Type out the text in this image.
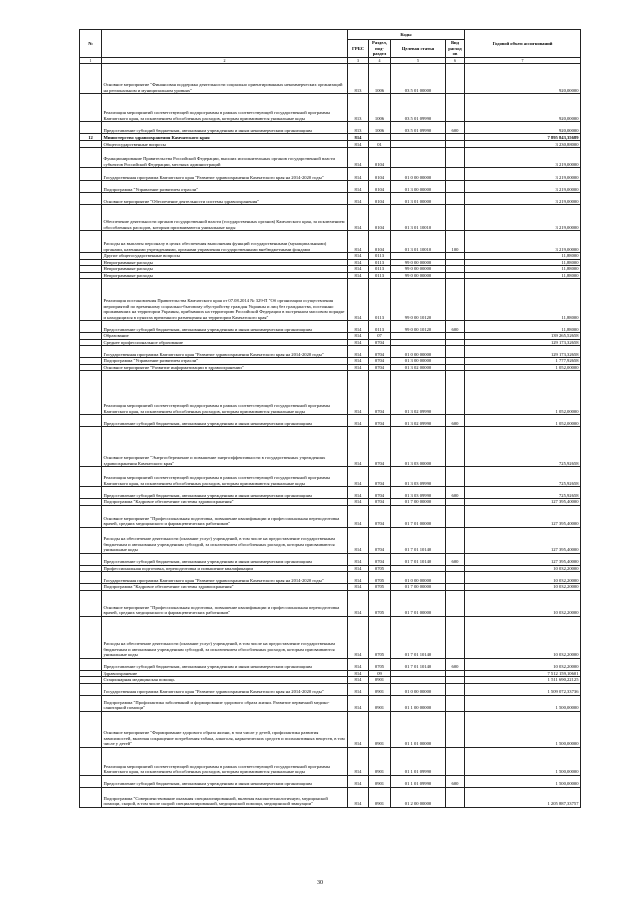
№		Коды				Годовой объем ассигнований
		ГРБС	Раздел, под-раздел	Целевая статья	Вид расходов	
1	2	3	4	5	6	7
	Основное мероприятие "Финансовая поддержка деятельности социально ориентированных некоммерческих организаций на региональном и муниципальном уровнях"	813	1006	03 5 01 00000		920,00000
	Реализация мероприятий соответствующей подпрограммы в рамках соответствующей государственной программы Камчатского края, за исключением обособленных расходов, которым присваиваются уникальные коды	813	1006	03 5 01 09990		920,00000
	Предоставление субсидий бюджетным, автономным учреждениям и иным некоммерческим организациям	813	1006	03 5 01 09990	600	920,00000
12	Министерство здравоохранения Камчатского края	814				7 895 843,35689
	Общегосударственные вопросы	814	01			3 230,88000
	Функционирование Правительства Российской Федерации, высших исполнительных органов государственной власти субъектов Российской Федерации, местных администраций	814	0104			3 219,00000
	Государственная программа Камчатского края "Развитие здравоохранения Камчатского края на 2014-2020 годы"	814	0104	01 0 00 00000		3 219,00000
	Подпрограмма "Управление развитием отрасли"	814	0104	01 3 00 00000		3 219,00000
	Основное мероприятие "Обеспечение деятельности системы здравоохранения"	814	0104	01 3 01 00000		3 219,00000
	Обеспечение деятельности органов государственной власти (государственных органов) Камчатского края, за исключением обособленных расходов, которым присваиваются уникальные коды	814	0104	01 3 01 10010		3 219,00000
	Расходы на выплаты персоналу в целях обеспечения выполнения функций государственными (муниципальными) органами, казенными учреждениями, органами управления государственными внебюджетными фондами	814	0104	01 3 01 10010	100	3 219,00000
	Другие общегосударственные вопросы	814	0113			11,88000
	Непрограммные расходы	814	0113	99 0 00 00000		11,88000
	Непрограммные расходы	814	0113	99 0 00 00000		11,88000
	Непрограммные расходы	814	0113	99 0 00 00000		11,88000
	Реализация постановления Правительства Камчатского края от 07.08.2014 № 329-П "Об организации осуществления мероприятий по временному социально-бытовому обустройству граждан Украины и лиц без гражданства, постоянно проживавших на территории Украины, прибывших на территорию Российской Федерации в экстренном массовом порядке и находящихся в пунктах временного размещения на территории Камчатского края"	814	0113	99 0 00 10120		11,88000
	Предоставление субсидий бюджетным, автономным учреждениям и иным некоммерческим организациям	814	0113	99 0 00 10120	600	11,88000
	Образование	814	07			139 265,52658
	Среднее профессиональное образование	814	0704			129 173,32658
	Государственная программа Камчатского края "Развитие здравоохранения Камчатского края на 2014-2020 годы"	814	0704	01 0 00 00000		129 173,32658
	Подпрограмма "Управление развитием отрасли"	814	0704	01 3 00 00000		1 777,92658
	Основное мероприятие "Развитие информатизации в здравоохранении"	814	0704	01 3 02 00000		1 052,00000
	Реализация мероприятий соответствующей подпрограммы в рамках соответствующей государственной программы Камчатского края, за исключением обособленных расходов, которым присваиваются уникальные коды	814	0704	01 3 02 09990		1 052,00000
	Предоставление субсидий бюджетным, автономным учреждениям и иным некоммерческим организациям	814	0704	01 3 02 09990	600	1 052,00000
	Основное мероприятие "Энергосбережение и повышение энергоэффективности в государственных учреждениях здравоохранения Камчатского края"	814	0704	01 3 03 00000		725,92658
	Реализация мероприятий соответствующей подпрограммы в рамках соответствующей государственной программы Камчатского края, за исключением обособленных расходов, которым присваиваются уникальные коды	814	0704	01 3 03 09990		725,92658
	Предоставление субсидий бюджетным, автономным учреждениям и иным некоммерческим организациям	814	0704	01 3 03 09990	600	725,92658
	Подпрограмма "Кадровое обеспечение системы здравоохранения"	814	0704	01 7 00 00000		127 395,40000
	Основное мероприятие "Профессиональная подготовка, повышение квалификации и профессиональная переподготовка врачей, средних медицинского и фармацевтических работников"	814	0704	01 7 01 00000		127 395,40000
	Расходы на обеспечение деятельности (оказание услуг) учреждений, в том числе на предоставление государственным бюджетным и автономным учреждениям субсидий, за исключением обособленных расходов, которым присваиваются уникальные коды	814	0704	01 7 01 10140		127 395,40000
	Предоставление субсидий бюджетным, автономным учреждениям и иным некоммерческим организациям	814	0704	01 7 01 10140	600	127 395,40000
	Профессиональная подготовка, переподготовка и повышение квалификации	814	0705			10 032,20000
	Государственная программа Камчатского края "Развитие здравоохранения Камчатского края на 2014-2020 годы"	814	0705	01 0 00 00000		10 032,20000
	Подпрограмма "Кадровое обеспечение системы здравоохранения"	814	0705	01 7 00 00000		10 032,20000
	Основное мероприятие "Профессиональная подготовка, повышение квалификации и профессиональная переподготовка врачей, средних медицинского и фармацевтических работников"	814	0705	01 7 01 00000		10 032,20000
	Расходы на обеспечение деятельности (оказание услуг) учреждений, в том числе на предоставление государственным бюджетным и автономным учреждениям субсидий, за исключением обособленных расходов, которым присваиваются уникальные коды	814	0705	01 7 01 10140		10 032,20000
	Предоставление субсидий бюджетным, автономным учреждениям и иным некоммерческим организациям	814	0705	01 7 01 10140	600	10 032,20000
	Здравоохранение	814	09			7 512 159,10601
	Стационарная медицинская помощь	814	0901			1 511 690,22125
	Государственная программа Камчатского края "Развитие здравоохранения Камчатского края на 2014-2020 годы"	814	0901	01 0 00 00000		1 509 072,33736
	Подпрограмма "Профилактика заболеваний и формирование здорового образа жизни. Развитие первичной медико-санитарной помощи"	814	0901	01 1 00 00000		1 500,00000
	Основное мероприятие "Формирование здорового образа жизни, в том числе у детей, профилактика развития зависимостей, включая сокращение потребления табака, алкоголя, наркотических средств и психоактивных веществ, в том числе у детей"	814	0901	01 1 01 00000		1 500,00000
	Реализация мероприятий соответствующей подпрограммы в рамках соответствующей государственной программы Камчатского края, за исключением обособленных расходов, которым присваиваются уникальные коды	814	0901	01 1 01 09990		1 500,00000
	Предоставление субсидий бюджетным, автономным учреждениям и иным некоммерческим организациям	814	0901	01 1 01 09990	600	1 500,00000
	Подпрограмма "Совершенствование оказания специализированной, включая высокотехнологичную, медицинской помощи, скорой, в том числе скорой специализированной, медицинской помощи, медицинской эвакуации"	814	0901	01 2 00 00000		1 205 887,33757
30
